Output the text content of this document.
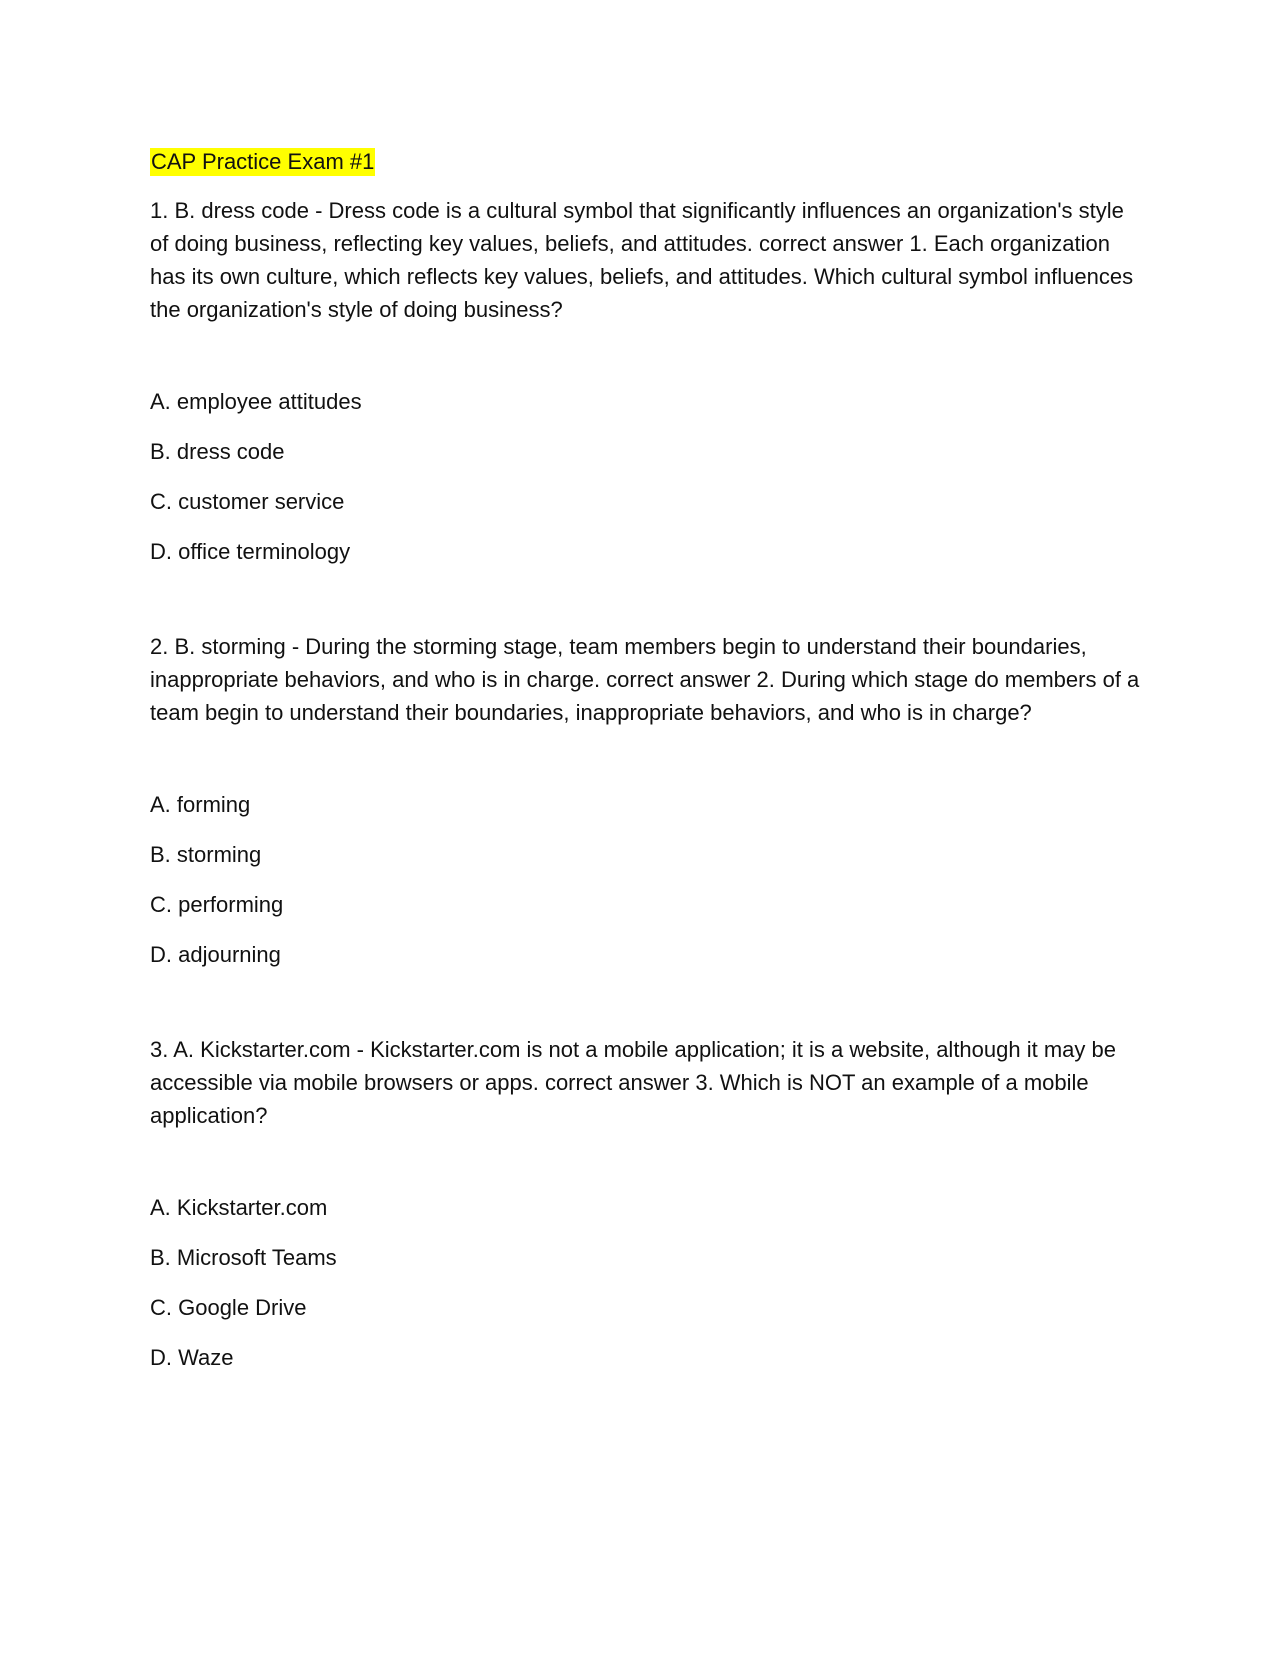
CAP Practice Exam #1

1. B. dress code - Dress code is a cultural symbol that significantly influences an organization's style of doing business, reflecting key values, beliefs, and attitudes. correct answer 1. Each organization has its own culture, which reflects key values, beliefs, and attitudes. Which cultural symbol influences the organization's style of doing business?

A. employee attitudes
B. dress code
C. customer service
D. office terminology

2. B. storming - During the storming stage, team members begin to understand their boundaries, inappropriate behaviors, and who is in charge. correct answer 2. During which stage do members of a team begin to understand their boundaries, inappropriate behaviors, and who is in charge?

A. forming
B. storming
C. performing
D. adjourning

3. A. Kickstarter.com - Kickstarter.com is not a mobile application; it is a website, although it may be accessible via mobile browsers or apps. correct answer 3. Which is NOT an example of a mobile application?

A. Kickstarter.com
B. Microsoft Teams
C. Google Drive
D. Waze
